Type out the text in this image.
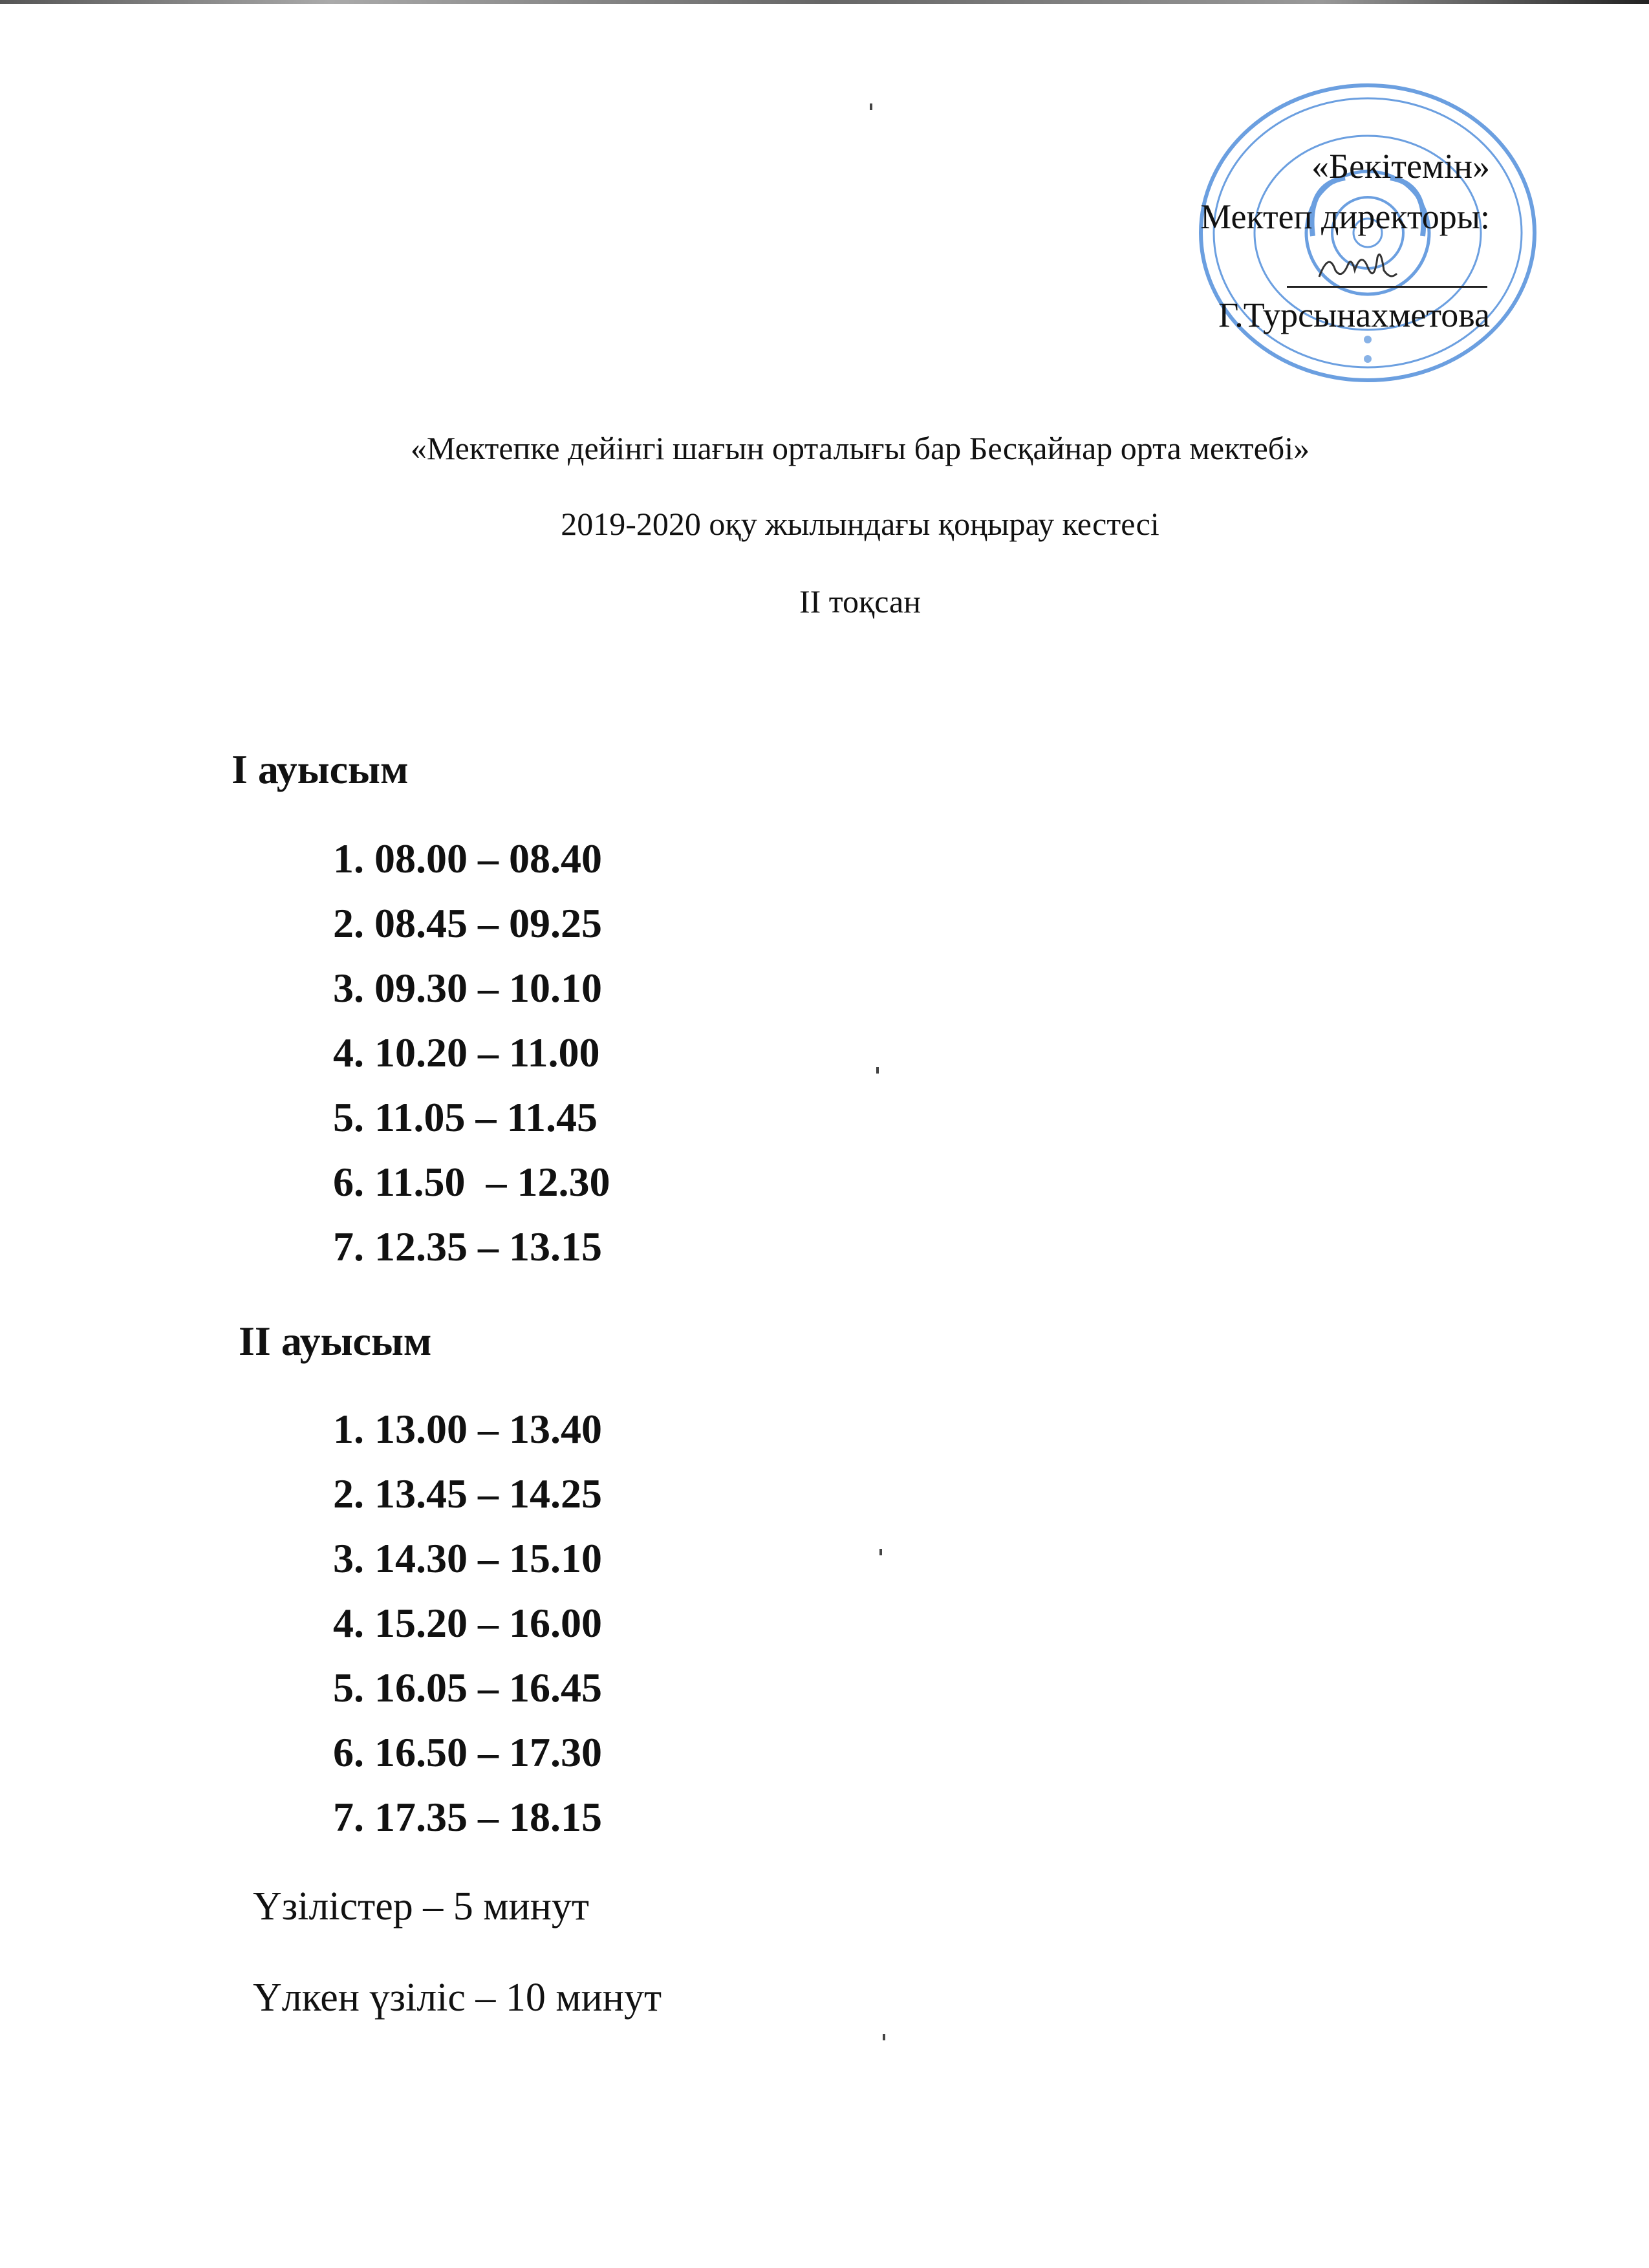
«Бекітемін»
Мектеп директоры:
Г.Турсынахметова
«Мектепке дейінгі шағын орталығы бар Бесқайнар орта мектебі»
2019-2020 оқу жылындағы қоңырау кестесі
II тоқсан
I ауысым
1. 08.00 – 08.40
2. 08.45 – 09.25
3. 09.30 – 10.10
4. 10.20 – 11.00
5. 11.05 – 11.45
6. 11.50  – 12.30
7. 12.35 – 13.15
II ауысым
1. 13.00 – 13.40
2. 13.45 – 14.25
3. 14.30 – 15.10
4. 15.20 – 16.00
5. 16.05 – 16.45
6. 16.50 – 17.30
7. 17.35 – 18.15
Үзілістер – 5 минут
Үлкен үзіліс – 10 минут
